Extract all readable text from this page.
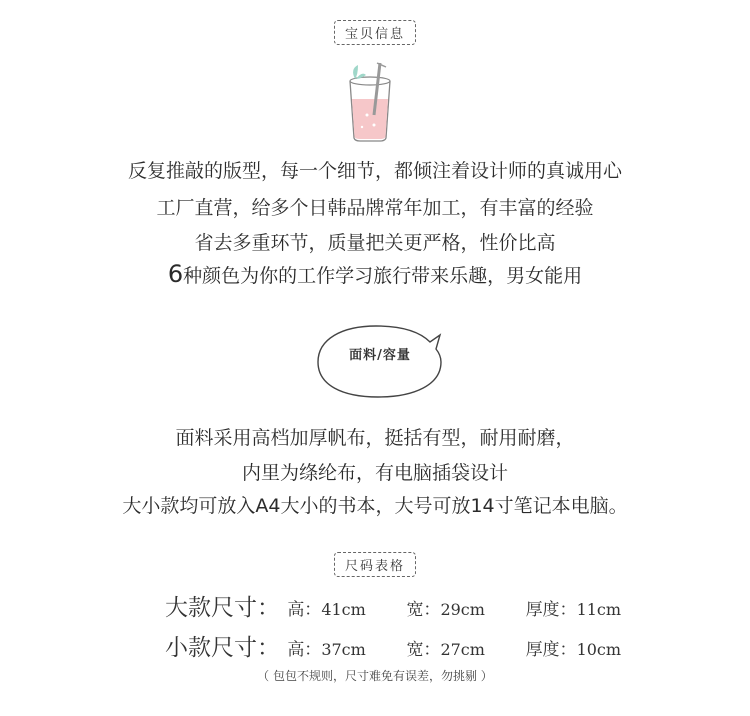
宝贝信息
反复推敲的版型，每一个细节，都倾注着设计师的真诚用心
工厂直营，给多个日韩品牌常年加工，有丰富的经验
省去多重环节，质量把关更严格，性价比高
6种颜色为你的工作学习旅行带来乐趣，男女能用
面料/容量
面料采用高档加厚帆布，挺括有型，耐用耐磨，
内里为绦纶布，有电脑插袋设计
大小款均可放入A4大小的书本，大号可放14寸笔记本电脑。
尺码表格
大款尺寸： 高：41cm 宽：29cm 厚度：11cm
小款尺寸： 高：37cm 宽：27cm 厚度：10cm
（ 包包不规则，尺寸难免有误差，勿挑剔 ）
